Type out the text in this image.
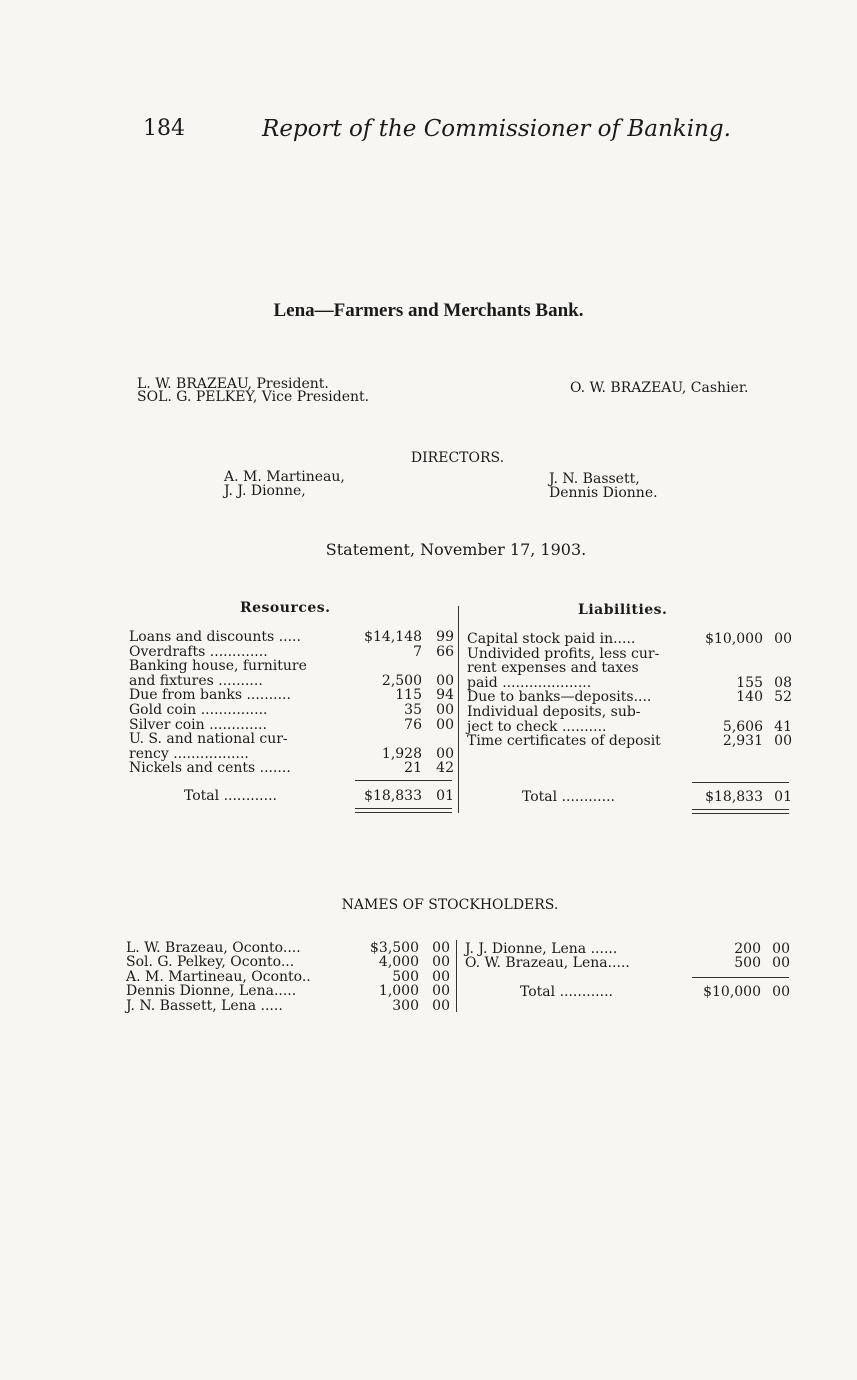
184	Report of the Commissioner of Banking.
Lena—Farmers and Merchants Bank.
L. W. BRAZEAU, President.
SOL. G. PELKEY, Vice President.
O. W. BRAZEAU, Cashier.
DIRECTORS.
A. M. Martineau,
J. J. Dionne,
J. N. Bassett,
Dennis Dionne.
Statement, November 17, 1903.
Resources.	Liabilities.
Loans and discounts .....	$14,148	99
Overdrafts .............	7	66
Banking house, furniture
and fixtures ..........	2,500	00
Due from banks ..........	115	94
Gold coin ...............	35	00
Silver coin .............	76	00
U. S. and national cur-
rency .................	1,928	00
Nickels and cents .......	21	42
Capital stock paid in.....	$10,000 00
Undivided profits, less cur-
rent expenses and taxes
paid ....................	155 08
Due to banks—deposits....	140 52
Individual deposits, sub-
ject to check ..........	5,606 41
Time certificates of deposit	2,931 00
Total ............	$18,833	01	Total ............	$18,833 01
NAMES OF STOCKHOLDERS.
L. W. Brazeau, Oconto....	$3,500 00
Sol. G. Pelkey, Oconto...	4,000 00
A. M. Martineau, Oconto..	500 00
Dennis Dionne, Lena.....	1,000 00
J. N. Bassett, Lena .....	300 00
J. J. Dionne, Lena ......	200 00
O. W. Brazeau, Lena.....	500 00
Total ............	$10,000 00
